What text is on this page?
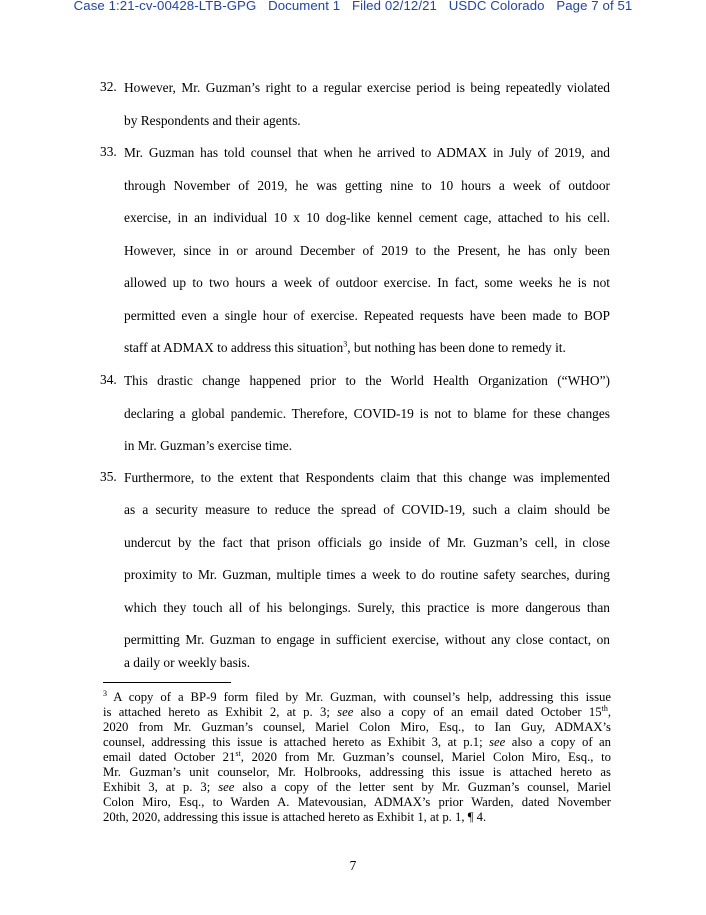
Case 1:21-cv-00428-LTB-GPG Document 1 Filed 02/12/21 USDC Colorado Page 7 of 51
32. However, Mr. Guzman’s right to a regular exercise period is being repeatedly violated
by Respondents and their agents.
33. Mr. Guzman has told counsel that when he arrived to ADMAX in July of 2019, and
through November of 2019, he was getting nine to 10 hours a week of outdoor
exercise, in an individual 10 x 10 dog-like kennel cement cage, attached to his cell.
However, since in or around December of 2019 to the Present, he has only been
allowed up to two hours a week of outdoor exercise. In fact, some weeks he is not
permitted even a single hour of exercise. Repeated requests have been made to BOP
staff at ADMAX to address this situation$^3$, but nothing has been done to remedy it.
34. This drastic change happened prior to the World Health Organization (“WHO”)
declaring a global pandemic. Therefore, COVID-19 is not to blame for these changes
in Mr. Guzman’s exercise time.
35. Furthermore, to the extent that Respondents claim that this change was implemented
as a security measure to reduce the spread of COVID-19, such a claim should be
undercut by the fact that prison officials go inside of Mr. Guzman’s cell, in close
proximity to Mr. Guzman, multiple times a week to do routine safety searches, during
which they touch all of his belongings. Surely, this practice is more dangerous than
permitting Mr. Guzman to engage in sufficient exercise, without any close contact, on
a daily or weekly basis.
$^3$ A copy of a BP-9 form filed by Mr. Guzman, with counsel’s help, addressing this issue
is attached hereto as Exhibit 2, at p. 3; see also a copy of an email dated October 15th,
2020 from Mr. Guzman’s counsel, Mariel Colon Miro, Esq., to Ian Guy, ADMAX’s
counsel, addressing this issue is attached hereto as Exhibit 3, at p.1; see also a copy of an
email dated October 21st, 2020 from Mr. Guzman’s counsel, Mariel Colon Miro, Esq., to
Mr. Guzman’s unit counselor, Mr. Holbrooks, addressing this issue is attached hereto as
Exhibit 3, at p. 3; see also a copy of the letter sent by Mr. Guzman’s counsel, Mariel
Colon Miro, Esq., to Warden A. Matevousian, ADMAX’s prior Warden, dated November
20th, 2020, addressing this issue is attached hereto as Exhibit 1, at p. 1, ¶ 4.
7
